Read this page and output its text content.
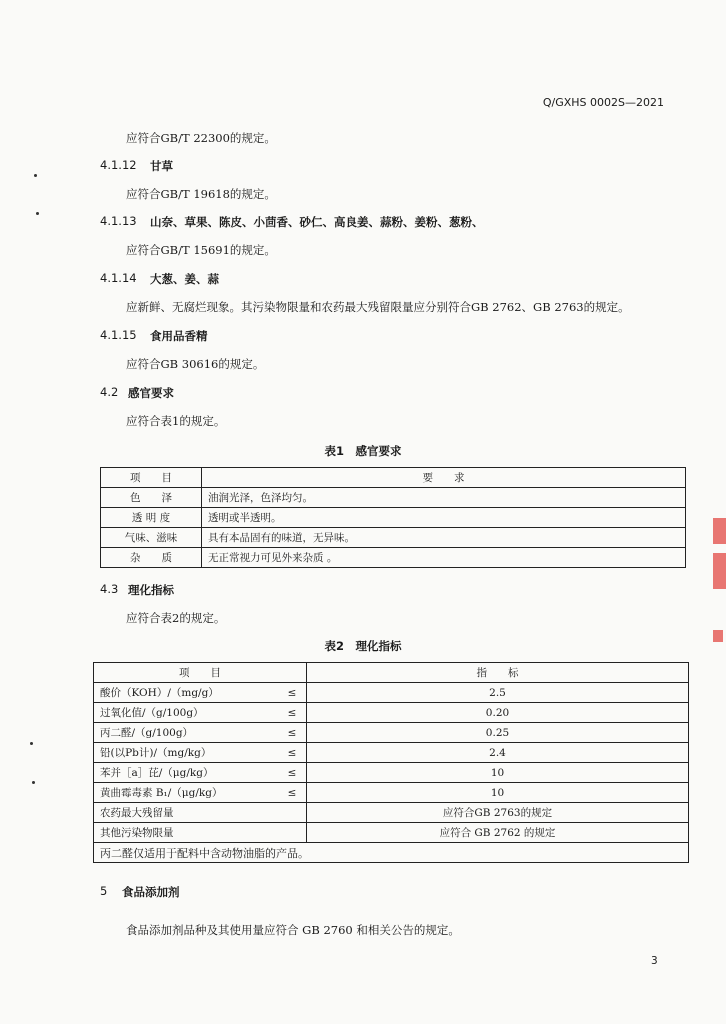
Q/GXHS 0002S—2021
应符合GB/T 22300的规定。
4.1.12 甘草
应符合GB/T 19618的规定。
4.1.13 山奈、草果、陈皮、小茴香、砂仁、高良姜、蒜粉、姜粉、葱粉、
应符合GB/T 15691的规定。
4.1.14 大葱、姜、蒜
应新鲜、无腐烂现象。其污染物限量和农药最大残留限量应分别符合GB 2762、GB 2763的规定。
4.1.15 食用品香精
应符合GB 30616的规定。
4.2 感官要求
应符合表1的规定。
表1　感官要求
项　　目	要　　求
色　　泽	油润光泽，色泽均匀。
透 明 度	透明或半透明。
气味、滋味	具有本品固有的味道，无异味。
杂　　质	无正常视力可见外来杂质 。
4.3 理化指标
应符合表2的规定。
表2　理化指标
项　　目		指　　标
酸价（KOH）/（mg/g）	≤	2.5
过氧化值/（g/100g）	≤	0.20
丙二醛/（g/100g）	≤	0.25
铅(以Pb计)/（mg/kg）	≤	2.4
苯并［a］芘/（μg/kg）	≤	10
黄曲霉毒素 B₁/（μg/kg）	≤	10
农药最大残留量		应符合GB 2763的规定
其他污染物限量		应符合 GB 2762 的规定
丙二醛仅适用于配料中含动物油脂的产品。		
5 食品添加剂
食品添加剂品种及其使用量应符合 GB 2760 和相关公告的规定。
3
